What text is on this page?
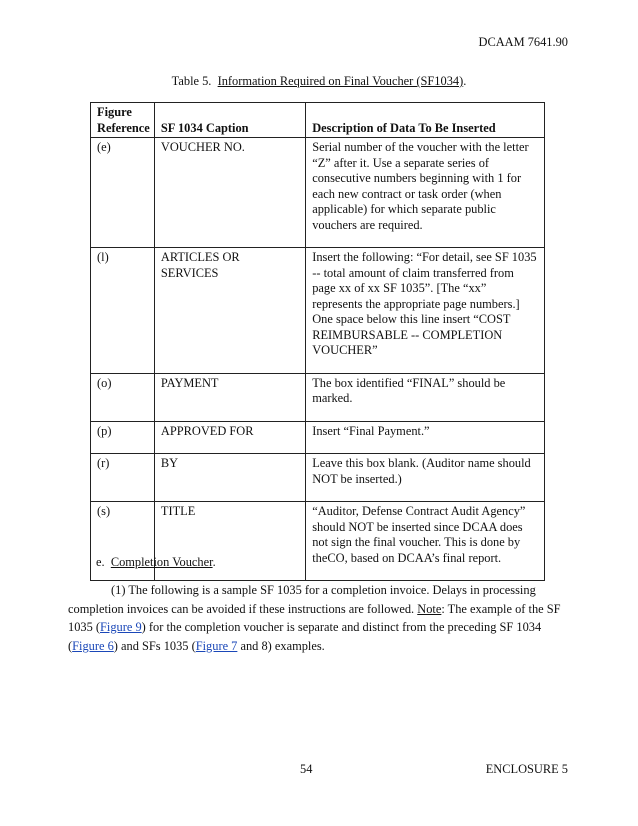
DCAAM 7641.90
Table 5. Information Required on Final Voucher (SF1034).
Figure
Reference	SF 1034 Caption	Description of Data To Be Inserted
(e)	VOUCHER NO.	Serial number of the voucher with the letter “Z” after it. Use a separate series of consecutive numbers beginning with 1 for each new contract or task order (when applicable) for which separate public vouchers are required.
(l)	ARTICLES OR SERVICES	Insert the following: “For detail, see SF 1035 -- total amount of claim transferred from page xx of xx SF 1035”. [The “xx” represents the appropriate page numbers.] One space below this line insert “COST REIMBURSABLE -- COMPLETION VOUCHER”
(o)	PAYMENT	The box identified “FINAL” should be marked.
(p)	APPROVED FOR	Insert “Final Payment.”
(r)	BY	Leave this box blank. (Auditor name should NOT be inserted.)
(s)	TITLE	“Auditor, Defense Contract Audit Agency” should NOT be inserted since DCAA does not sign the final voucher. This is done by theCO, based on DCAA’s final report.
e. Completion Voucher.
(1) The following is a sample SF 1035 for a completion invoice. Delays in processing completion invoices can be avoided if these instructions are followed. Note: The example of the SF 1035 (Figure 9) for the completion voucher is separate and distinct from the preceding SF 1034 (Figure 6) and SFs 1035 (Figure 7 and 8) examples.
54	ENCLOSURE 5
